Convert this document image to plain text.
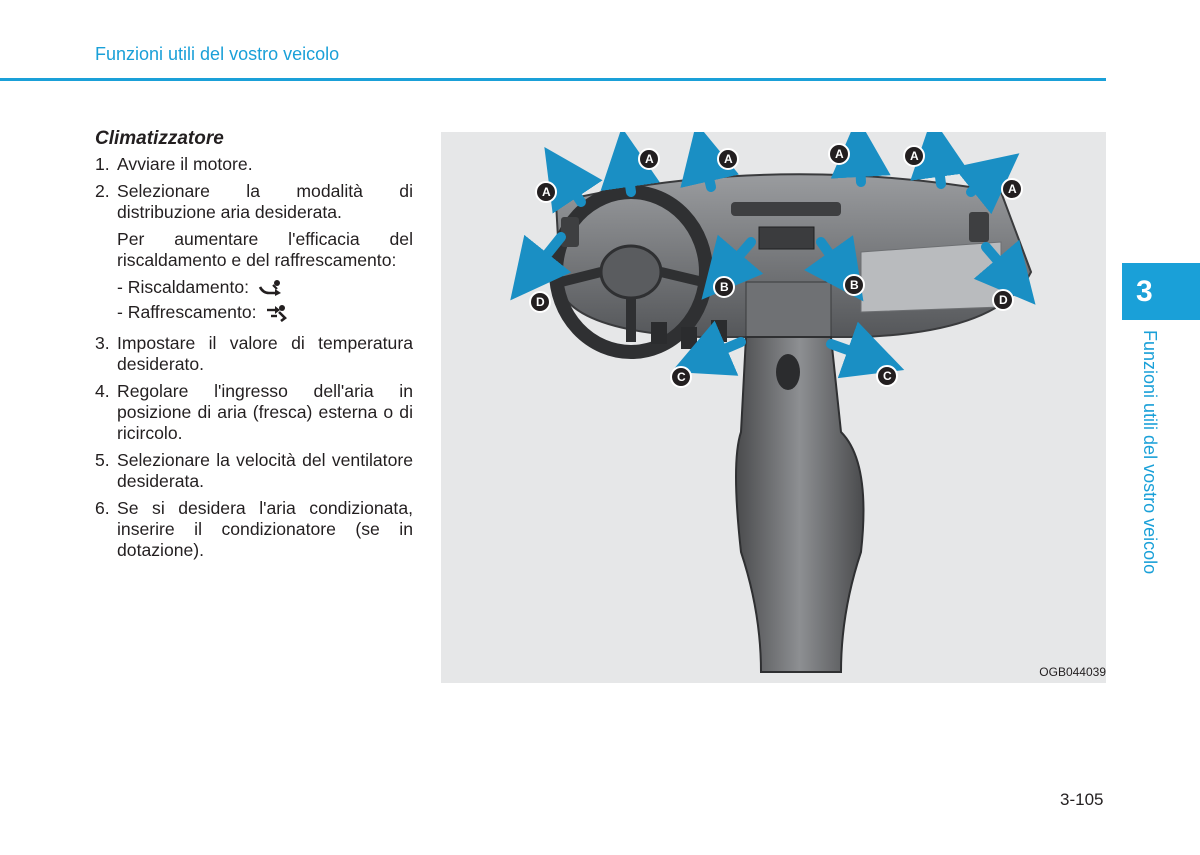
Funzioni utili del vostro veicolo
Climatizzatore
1. Avviare il motore.
2. Selezionare la modalità di distribuzione aria desiderata.
Per aumentare l'efficacia del riscaldamento e del raffrescamento:
- Riscaldamento:
- Raffrescamento:
3. Impostare il valore di temperatura desiderato.
4. Regolare l'ingresso dell'aria in posizione di aria (fresca) esterna o di ricircolo.
5. Selezionare la velocità del ventilatore desiderata.
6. Se si desidera l'aria condizionata, inserire il condizionatore (se in dotazione).
A
A	A	A	A
A
B	B
C	C
D	D
OGB044039
3
Funzioni utili del vostro veicolo
3-105
